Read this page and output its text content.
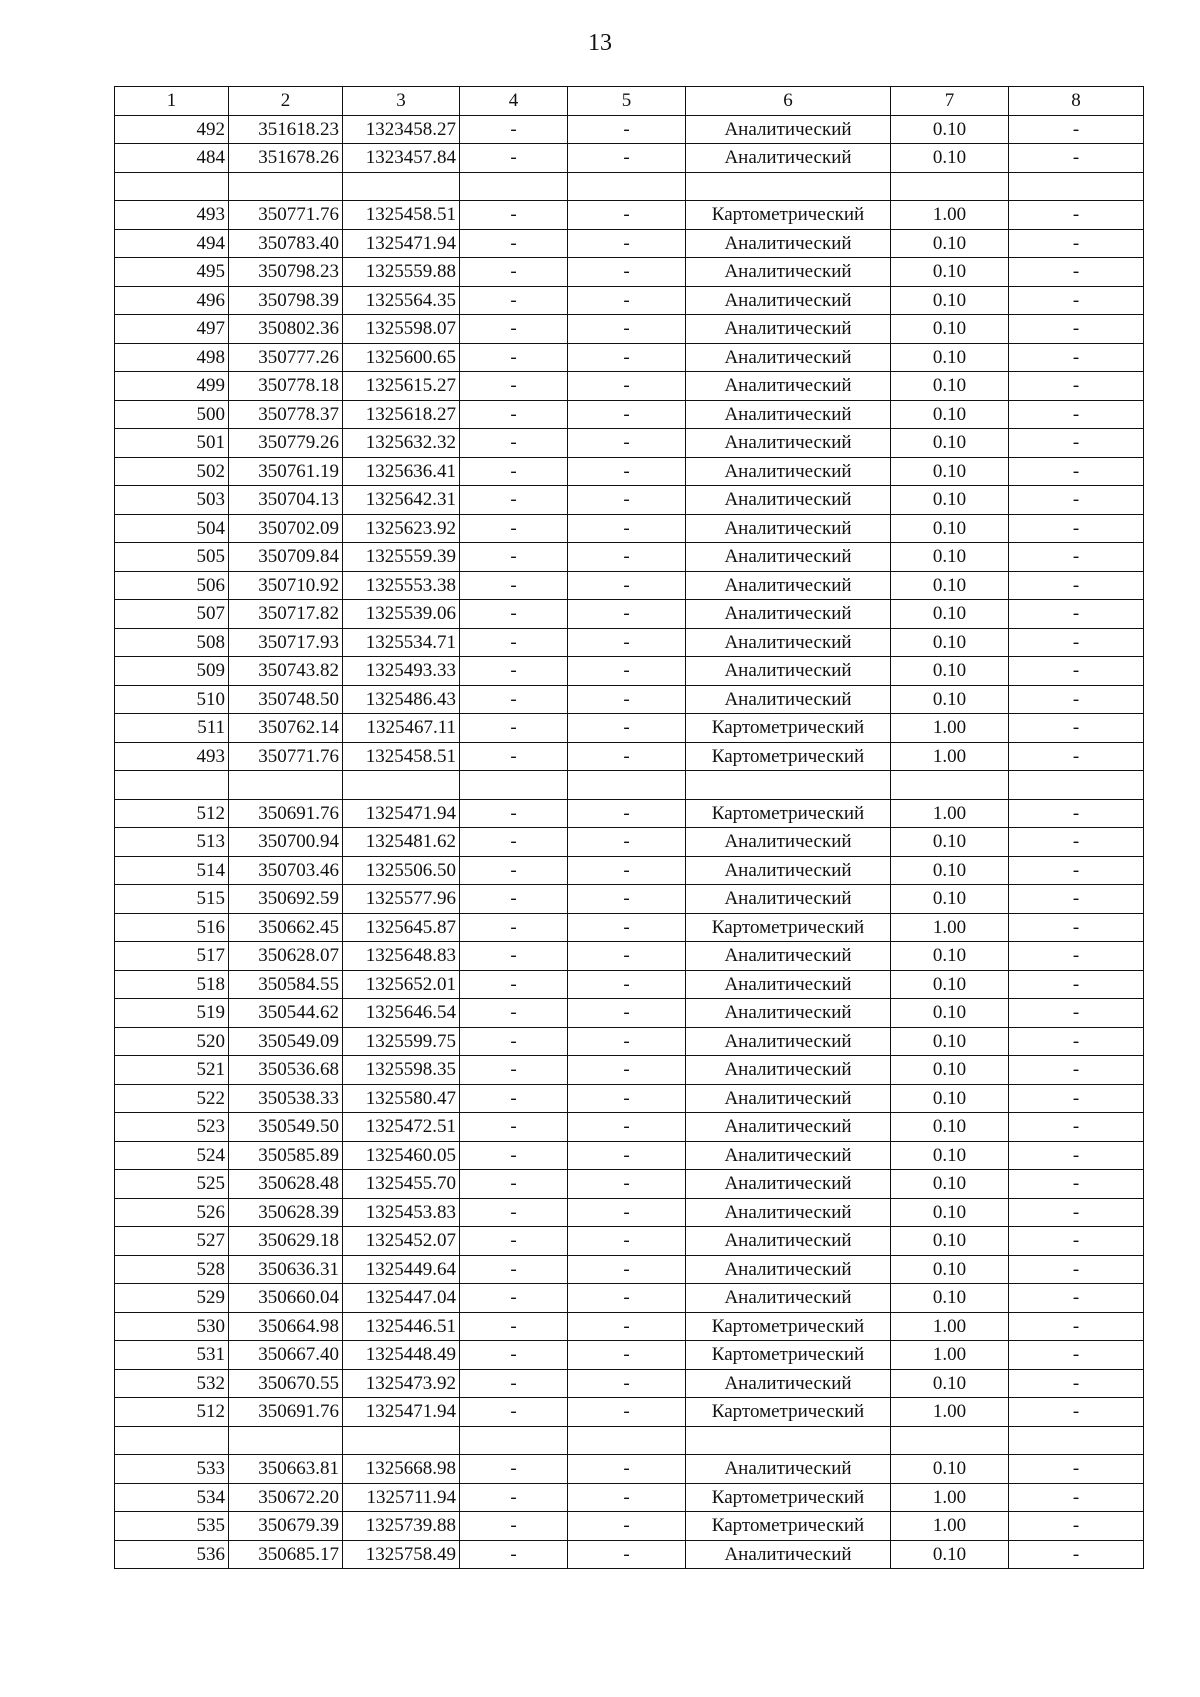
13
1	2	3	4	5	6	7	8
492	351618.23	1323458.27	-	-	Аналитический	0.10	-
484	351678.26	1323457.84	-	-	Аналитический	0.10	-

493	350771.76	1325458.51	-	-	Картометрический	1.00	-
494	350783.40	1325471.94	-	-	Аналитический	0.10	-
495	350798.23	1325559.88	-	-	Аналитический	0.10	-
496	350798.39	1325564.35	-	-	Аналитический	0.10	-
497	350802.36	1325598.07	-	-	Аналитический	0.10	-
498	350777.26	1325600.65	-	-	Аналитический	0.10	-
499	350778.18	1325615.27	-	-	Аналитический	0.10	-
500	350778.37	1325618.27	-	-	Аналитический	0.10	-
501	350779.26	1325632.32	-	-	Аналитический	0.10	-
502	350761.19	1325636.41	-	-	Аналитический	0.10	-
503	350704.13	1325642.31	-	-	Аналитический	0.10	-
504	350702.09	1325623.92	-	-	Аналитический	0.10	-
505	350709.84	1325559.39	-	-	Аналитический	0.10	-
506	350710.92	1325553.38	-	-	Аналитический	0.10	-
507	350717.82	1325539.06	-	-	Аналитический	0.10	-
508	350717.93	1325534.71	-	-	Аналитический	0.10	-
509	350743.82	1325493.33	-	-	Аналитический	0.10	-
510	350748.50	1325486.43	-	-	Аналитический	0.10	-
511	350762.14	1325467.11	-	-	Картометрический	1.00	-
493	350771.76	1325458.51	-	-	Картометрический	1.00	-

512	350691.76	1325471.94	-	-	Картометрический	1.00	-
513	350700.94	1325481.62	-	-	Аналитический	0.10	-
514	350703.46	1325506.50	-	-	Аналитический	0.10	-
515	350692.59	1325577.96	-	-	Аналитический	0.10	-
516	350662.45	1325645.87	-	-	Картометрический	1.00	-
517	350628.07	1325648.83	-	-	Аналитический	0.10	-
518	350584.55	1325652.01	-	-	Аналитический	0.10	-
519	350544.62	1325646.54	-	-	Аналитический	0.10	-
520	350549.09	1325599.75	-	-	Аналитический	0.10	-
521	350536.68	1325598.35	-	-	Аналитический	0.10	-
522	350538.33	1325580.47	-	-	Аналитический	0.10	-
523	350549.50	1325472.51	-	-	Аналитический	0.10	-
524	350585.89	1325460.05	-	-	Аналитический	0.10	-
525	350628.48	1325455.70	-	-	Аналитический	0.10	-
526	350628.39	1325453.83	-	-	Аналитический	0.10	-
527	350629.18	1325452.07	-	-	Аналитический	0.10	-
528	350636.31	1325449.64	-	-	Аналитический	0.10	-
529	350660.04	1325447.04	-	-	Аналитический	0.10	-
530	350664.98	1325446.51	-	-	Картометрический	1.00	-
531	350667.40	1325448.49	-	-	Картометрический	1.00	-
532	350670.55	1325473.92	-	-	Аналитический	0.10	-
512	350691.76	1325471.94	-	-	Картометрический	1.00	-

533	350663.81	1325668.98	-	-	Аналитический	0.10	-
534	350672.20	1325711.94	-	-	Картометрический	1.00	-
535	350679.39	1325739.88	-	-	Картометрический	1.00	-
536	350685.17	1325758.49	-	-	Аналитический	0.10	-
